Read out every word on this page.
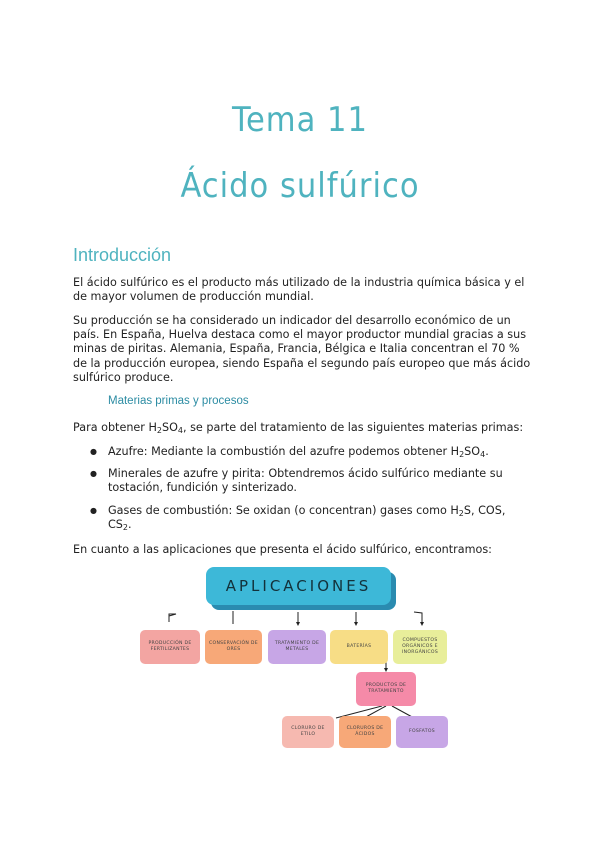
Tema 11
Ácido sulfúrico
Introducción

El ácido sulfúrico es el producto más utilizado de la industria química básica y el de mayor volumen de producción mundial.

Su producción se ha considerado un indicador del desarrollo económico de un país. En España, Huelva destaca como el mayor productor mundial gracias a sus minas de piritas. Alemania, España, Francia, Bélgica e Italia concentran el 70 % de la producción europea, siendo España el segundo país europeo que más ácido sulfúrico produce.

Materias primas y procesos

Para obtener $H_2SO_4$, se parte del tratamiento de las siguientes materias primas:

● Azufre: Mediante la combustión del azufre podemos obtener $H_2SO_4$.
● Minerales de azufre y pirita: Obtendremos ácido sulfúrico mediante su tostación, fundición y sinterizado.
● Gases de combustión: Se oxidan (o concentran) gases como $H_2S$, COS, $CS_2$.

En cuanto a las aplicaciones que presenta el ácido sulfúrico, encontramos:

APLICACIONES
PRODUCCIÓN DE FERTILIZANTES
CONSERVACIÓN DE ORES
TRATAMIENTO DE METALES
BATERÍAS
COMPUESTOS ORGÁNICOS E INORGÁNICOS
PRODUCTOS DE TRATAMIENTO
CLORURO DE ETILO
CLORUROS DE ÁCIDOS
FOSFATOS
